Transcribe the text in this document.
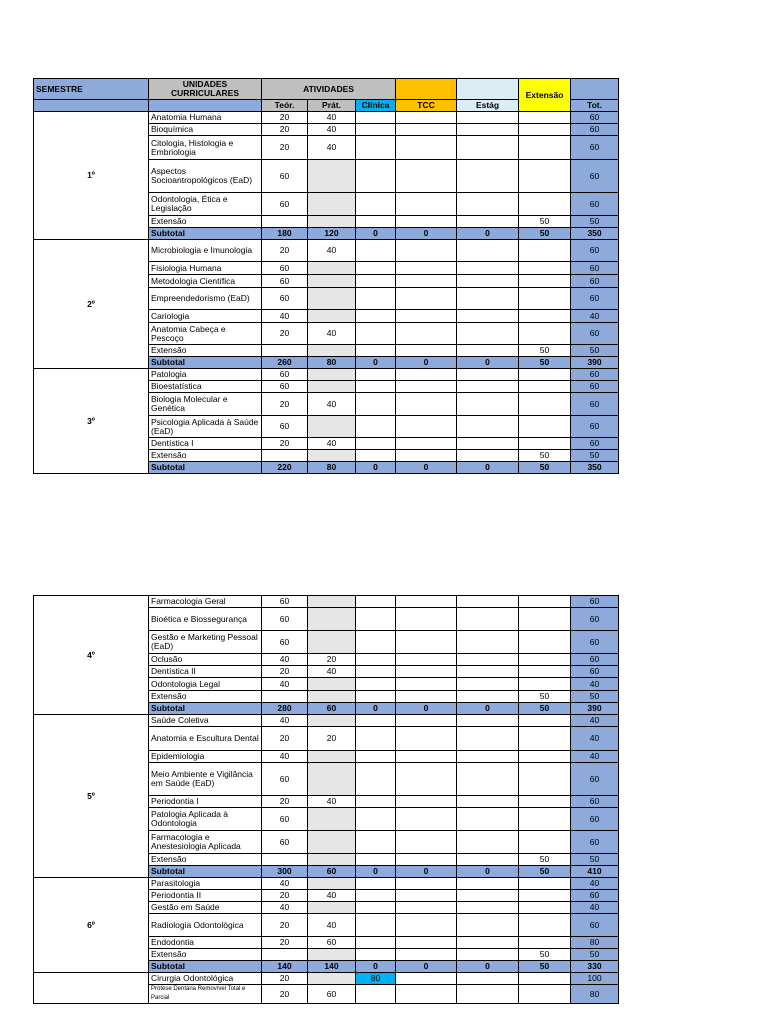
SEMESTRE	UNIDADES CURRICULARES	ATIVIDADES					Extensão	
		Teór.	Prát.	Clínica	TCC	Estág		Tot.
1º	Anatomia Humana	20	40					60
	Bioquímica	20	40					60
	Citologia, Histologia e Embriologia	20	40					60
	Aspectos Socioantropológicos (EaD)	60						60
	Odontologia, Ética e Legislação	60						60
	Extensão						50	50
	Subtotal	180	120	0	0	0	50	350
2º	Microbiologia e Imunologia	20	40					60
	Fisiologia Humana	60						60
	Metodologia Científica	60						60
	Empreendedorismo (EaD)	60						60
	Cariologia	40						40
	Anatomia Cabeça e Pescoço	20	40					60
	Extensão						50	50
	Subtotal	260	80	0	0	0	50	390
3º	Patologia	60						60
	Bioestatística	60						60
	Biologia Molecular e Genética	20	40					60
	Psicologia Aplicada à Saúde (EaD)	60						60
	Dentística I	20	40					60
	Extensão						50	50
	Subtotal	220	80	0	0	0	50	350
4º	Farmacologia Geral	60						60
	Bioética e Biossegurança	60						60
	Gestão e Marketing Pessoal (EaD)	60						60
	Oclusão	40	20					60
	Dentística II	20	40					60
	Odontologia Legal	40						40
	Extensão						50	50
	Subtotal	280	60	0	0	0	50	390
5º	Saúde Coletiva	40						40
	Anatomia e Escultura Dental	20	20					40
	Epidemiologia	40						40
	Meio Ambiente e Vigilância em Saúde (EaD)	60						60
	Periodontia I	20	40					60
	Patologia Aplicada à Odontologia	60						60
	Farmacologia e Anestesiologia Aplicada	60						60
	Extensão						50	50
	Subtotal	300	60	0	0	0	50	410
6º	Parasitologia	40						40
	Periodontia II	20	40					60
	Gestão em Saúde	40						40
	Radiologia Odontológica	20	40					60
	Endodontia	20	60					80
	Extensão						50	50
	Subtotal	140	140	0	0	0	50	330
	Cirurgia Odontológica	20		80				100
	Prótese Dentária Removível Total e Parcial	20	60					80
